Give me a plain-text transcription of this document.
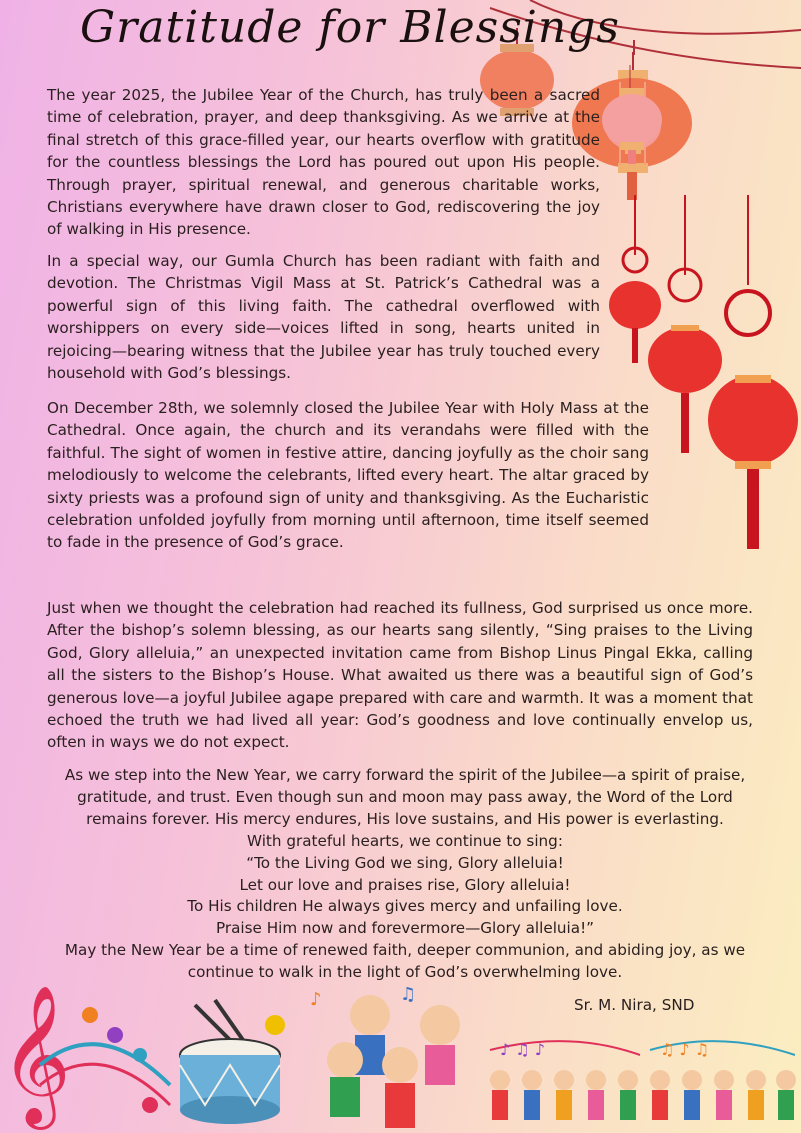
𝄞	♪	♫
♪ ♫ ♪	♫ ♪ ♫
Gratitude for Blessings

The year 2025, the Jubilee Year of the Church, has truly been a sacred time of celebration, prayer, and deep thanksgiving. As we arrive at the final stretch of this grace-filled year, our hearts overflow with gratitude for the countless blessings the Lord has poured out upon His people. Through prayer, spiritual renewal, and generous charitable works, Christians everywhere have drawn closer to God, rediscovering the joy of walking in His presence.

In a special way, our Gumla Church has been radiant with faith and devotion. The Christmas Vigil Mass at St. Patrick’s Cathedral was a powerful sign of this living faith. The cathedral overflowed with worshippers on every side—voices lifted in song, hearts united in rejoicing—bearing witness that the Jubilee year has truly touched every household with God’s blessings.

On December 28th, we solemnly closed the Jubilee Year with Holy Mass at the Cathedral. Once again, the church and its verandahs were filled with the faithful. The sight of women in festive attire, dancing joyfully as the choir sang melodiously to welcome the celebrants, lifted every heart. The altar graced by sixty priests was a profound sign of unity and thanksgiving. As the Eucharistic celebration unfolded joyfully from morning until afternoon, time itself seemed to fade in the presence of God’s grace.

Just when we thought the celebration had reached its fullness, God surprised us once more. After the bishop’s solemn blessing, as our hearts sang silently, “Sing praises to the Living God, Glory alleluia,” an unexpected invitation came from Bishop Linus Pingal Ekka, calling all the sisters to the Bishop’s House. What awaited us there was a beautiful sign of God’s generous love—a joyful Jubilee agape prepared with care and warmth. It was a moment that echoed the truth we had lived all year: God’s goodness and love continually envelop us, often in ways we do not expect.

As we step into the New Year, we carry forward the spirit of the Jubilee—a spirit of praise,
gratitude, and trust. Even though sun and moon may pass away, the Word of the Lord
remains forever. His mercy endures, His love sustains, and His power is everlasting.
With grateful hearts, we continue to sing:
“To the Living God we sing, Glory alleluia!
Let our love and praises rise, Glory alleluia!
To His children He always gives mercy and unfailing love.
Praise Him now and forevermore—Glory alleluia!”
May the New Year be a time of renewed faith, deeper communion, and abiding joy, as we
continue to walk in the light of God’s overwhelming love.
Sr. M. Nira, SND
